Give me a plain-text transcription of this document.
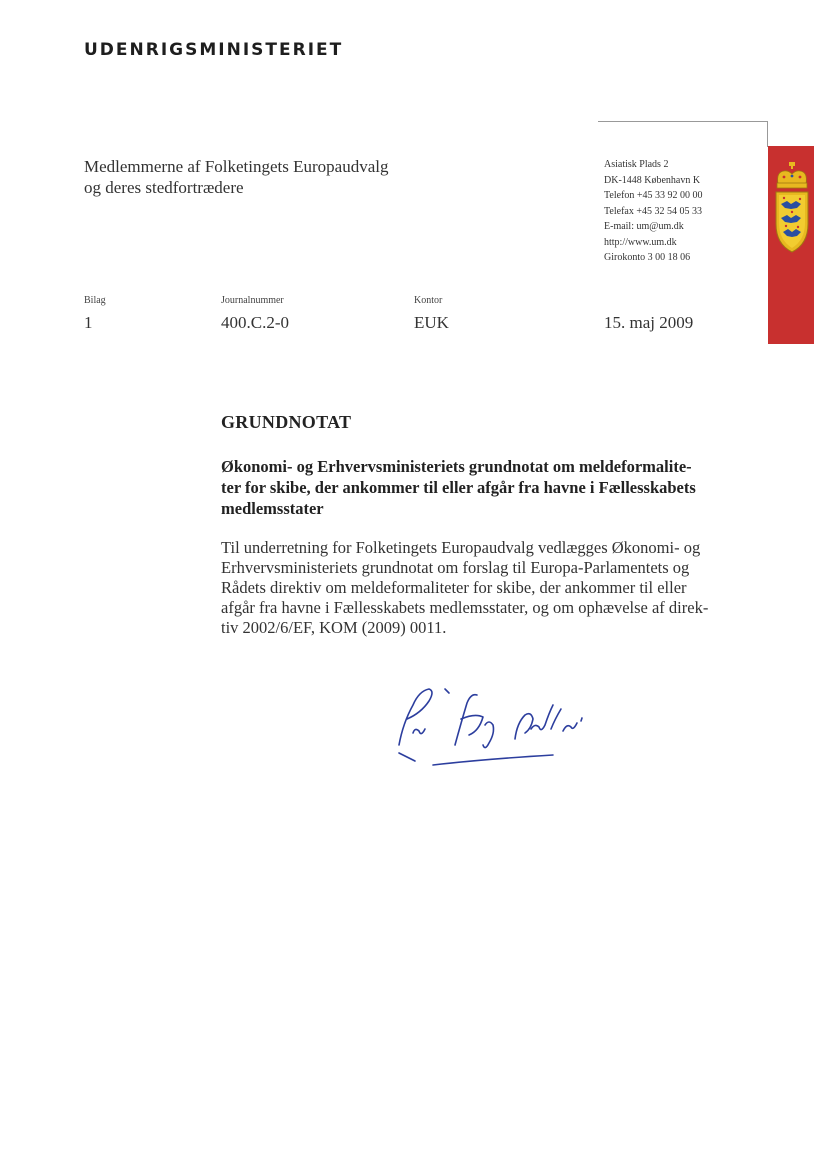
UDENRIGSMINISTERIET
Medlemmerne af Folketingets Europaudvalg
og deres stedfortrædere
Asiatisk Plads 2
DK-1448 København K
Telefon +45 33 92 00 00
Telefax +45 32 54 05 33
E-mail: um@um.dk
http://www.um.dk
Girokonto 3 00 18 06
Bilag
1
Journalnummer
400.C.2-0
Kontor
EUK	15. maj 2009
GRUNDNOTAT
Økonomi- og Erhvervsministeriets grundnotat om meldeformalite-
ter for skibe, der ankommer til eller afgår fra havne i Fællesskabets
medlemsstater
Til underretning for Folketingets Europaudvalg vedlægges Økonomi- og
Erhvervsministeriets grundnotat om forslag til Europa-Parlamentets og
Rådets direktiv om meldeformaliteter for skibe, der ankommer til eller
afgår fra havne i Fællesskabets medlemsstater, og om ophævelse af direk-
tiv 2002/6/EF, KOM (2009) 0011.
